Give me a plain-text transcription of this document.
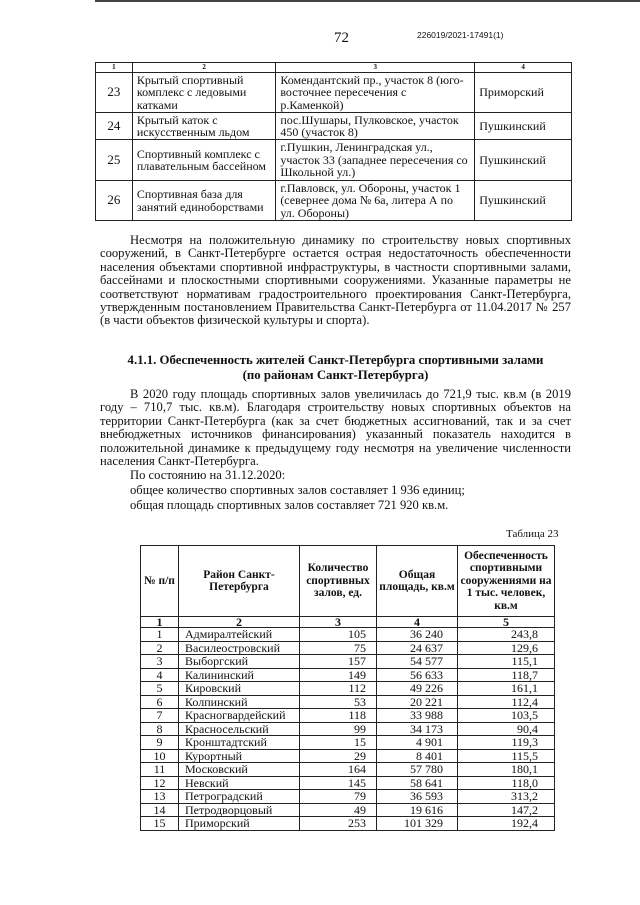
72	226019/2021-17491(1)
1	2	3	4
23	Крытый спортивный комплекс с ледовыми катками	Комендантский пр., участок 8 (юго-восточнее пересечения с р.Каменкой)	Приморский
24	Крытый каток с искусственным льдом	пос.Шушары, Пулковское, участок 450 (участок 8)	Пушкинский
25	Спортивный комплекс с плавательным бассейном	г.Пушкин, Ленинградская ул., участок 33 (западнее пересечения со Школьной ул.)	Пушкинский
26	Спортивная база для занятий единоборствами	г.Павловск, ул. Обороны, участок 1 (севернее дома № 6а, литера А по ул. Обороны)	Пушкинский
Несмотря на положительную динамику по строительству новых спортивных сооружений, в Санкт-Петербурге остается острая недостаточность обеспеченности населения объектами спортивной инфраструктуры, в частности спортивными залами, бассейнами и плоскостными спортивными сооружениями. Указанные параметры не соответствуют нормативам градостроительного проектирования Санкт-Петербурга, утвержденным постановлением Правительства Санкт-Петербурга от 11.04.2017 № 257 (в части объектов физической культуры и спорта).
4.1.1. Обеспеченность жителей Санкт-Петербурга спортивными залами
(по районам Санкт-Петербурга)
В 2020 году площадь спортивных залов увеличилась до 721,9 тыс. кв.м (в 2019 году – 710,7 тыс. кв.м). Благодаря строительству новых спортивных объектов на территории Санкт-Петербурга (как за счет бюджетных ассигнований, так и за счет внебюджетных источников финансирования) указанный показатель находится в положительной динамике к предыдущему году несмотря на увеличение численности населения Санкт-Петербурга.
По состоянию на 31.12.2020:
общее количество спортивных залов составляет 1 936 единиц;
общая площадь спортивных залов составляет 721 920 кв.м.
Таблица 23
№ п/п	Район Санкт-Петербурга	Количество спортивных залов, ед.	Общая площадь, кв.м	Обеспеченность спортивными сооружениями на 1 тыс. человек, кв.м
1	2	3	4	5
1	Адмиралтейский	105	36 240	243,8
2	Василеостровский	75	24 637	129,6
3	Выборгский	157	54 577	115,1
4	Калининский	149	56 633	118,7
5	Кировский	112	49 226	161,1
6	Колпинский	53	20 221	112,4
7	Красногвардейский	118	33 988	103,5
8	Красносельский	99	34 173	90,4
9	Кронштадтский	15	4 901	119,3
10	Курортный	29	8 401	115,5
11	Московский	164	57 780	180,1
12	Невский	145	58 641	118,0
13	Петроградский	79	36 593	313,2
14	Петродворцовый	49	19 616	147,2
15	Приморский	253	101 329	192,4
